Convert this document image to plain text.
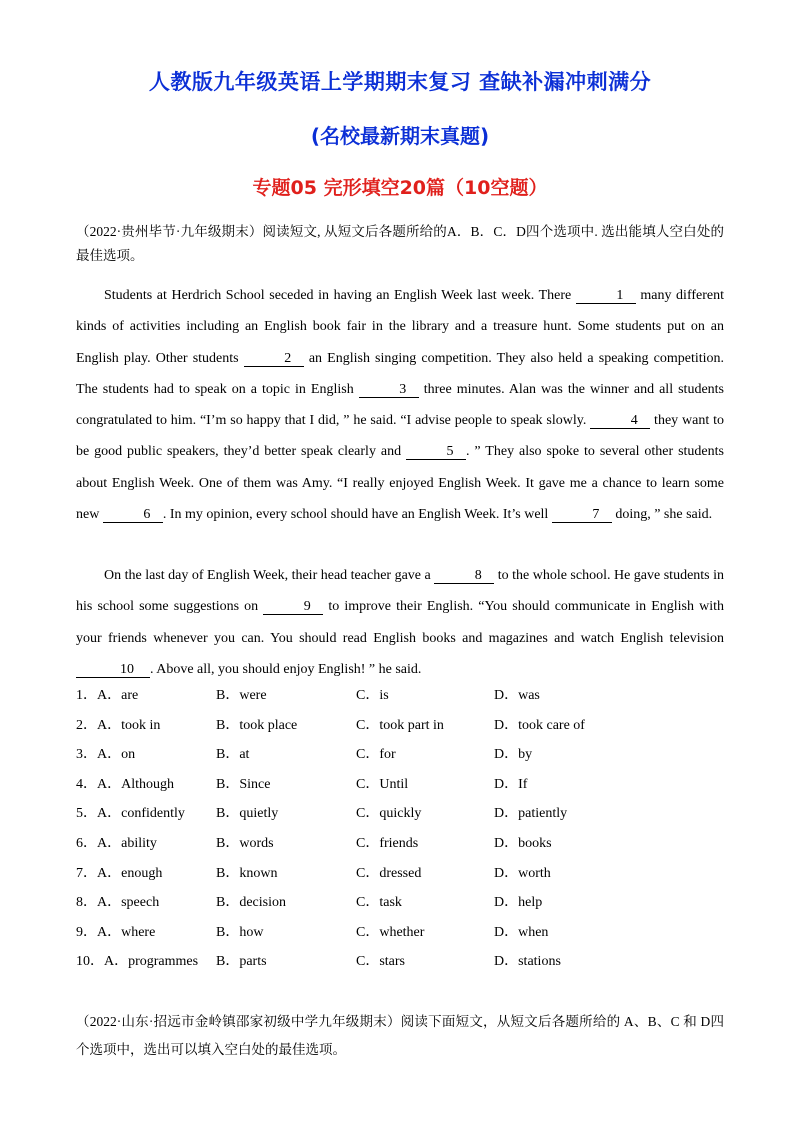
人教版九年级英语上学期期末复习 查缺补漏冲刺满分
(名校最新期末真题)
专题05 完形填空20篇（10空题）
（2022·贵州毕节·九年级期末）阅读短文, 从短文后各题所给的A．B．C．D四个选项中. 选出能填人空白处的最佳选项。
Students at Herdrich School seceded in having an English Week last week. There	1 many different kinds of activities including an English book fair in the library and a treasure hunt. Some students put on an English play. Other students	2 an English singing competition. They also held a speaking competition. The students had to speak on a topic in English	3 three minutes. Alan was the winner and all students congratulated to him. “I’m so happy that I did, ” he said. “I advise people to speak slowly.	4 they want to be good public speakers, they’d better speak clearly and	5 . ” They also spoke to several other students about English Week. One of them was Amy. “I really enjoyed English Week. It gave me a chance to learn some new	6 . In my opinion, every school should have an English Week. It’s well	7 doing, ” she said.
On the last day of English Week, their head teacher gave a	8 to the whole school. He gave students in his school some suggestions on	9 to improve their English. “You should communicate in English with your friends whenever you can. You should read English books and magazines and watch English television 10 . Above all, you should enjoy English! ” he said.
1．A．are	B．were	C．is	D．was
2．A．took in	B．took place	C．took part in	D．took care of
3．A．on	B．at	C．for	D．by
4．A．Although	B．Since	C．Until	D．If
5．A．confidently B．quietly	C．quickly	D．patiently
6．A．ability	B．words	C．friends	D．books
7．A．enough	B．known	C．dressed	D．worth
8．A．speech	B．decision	C．task	D．help
9．A．where	B．how	C．whether	D．when
10．A．programmes B．parts	C．stars	D．stations
（2022·山东·招远市金岭镇邵家初级中学九年级期末）阅读下面短文，从短文后各题所给的 A、B、C 和 D四个选项中，选出可以填入空白处的最佳选项。
